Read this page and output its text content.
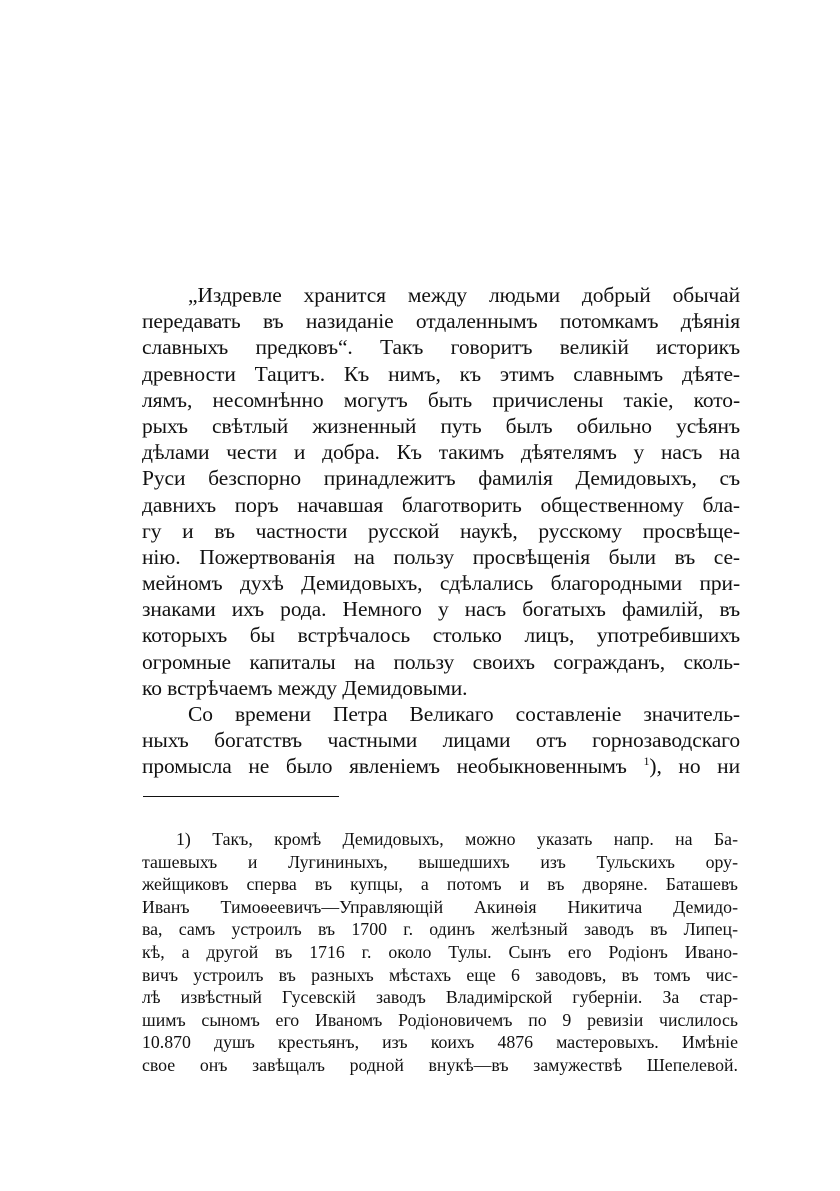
„Издревле хранится между людьми добрый обычай
передавать въ назиданіе отдаленнымъ потомкамъ дѣянія
славныхъ предковъ“. Такъ говоритъ великій историкъ
древности Тацитъ. Къ нимъ, къ этимъ славнымъ дѣяте-
лямъ, несомнѣнно могутъ быть причислены такіе, кото-
рыхъ свѣтлый жизненный путь былъ обильно усѣянъ
дѣлами чести и добра. Къ такимъ дѣятелямъ у насъ на
Руси безспорно принадлежитъ фамилія Демидовыхъ, съ
давнихъ поръ начавшая благотворить общественному бла-
гу и въ частности русской наукѣ, русскому просвѣще-
нію. Пожертвованія на пользу просвѣщенія были въ се-
мейномъ духѣ Демидовыхъ, сдѣлались благородными при-
знаками ихъ рода. Немного у насъ богатыхъ фамилій, въ
которыхъ бы встрѣчалось столько лицъ, употребившихъ
огромные капиталы на пользу своихъ согражданъ, сколь-
ко встрѣчаемъ между Демидовыми.
Со времени Петра Великаго составленіе значитель-
ныхъ богатствъ частными лицами отъ горнозаводскаго
промысла не было явленіемъ необыкновеннымъ $^1$), но ни
1) Такъ, кромѣ Демидовыхъ, можно указать напр. на Ба-
ташевыхъ и Лугининыхъ, вышедшихъ изъ Тульскихъ ору-
жейщиковъ сперва въ купцы, а потомъ и въ дворяне. Баташевъ
Иванъ Тимоѳеевичъ—Управляющій Акинѳія Никитича Демидо-
ва, самъ устроилъ въ 1700 г. одинъ желѣзный заводъ въ Липец-
кѣ, а другой въ 1716 г. около Тулы. Сынъ его Родіонъ Иванo-
вичъ устроилъ въ разныхъ мѣстахъ еще 6 заводовъ, въ томъ чис-
лѣ извѣстный Гусевскій заводъ Владимірской губерніи. За стар-
шимъ сыномъ его Иваномъ Родіоновичемъ по 9 ревизіи числилось
10.870 душъ крестьянъ, изъ коихъ 4876 мастеровыхъ. Имѣніе
свое онъ завѣщалъ родной внукѣ—въ замужествѣ Шепелевой.
